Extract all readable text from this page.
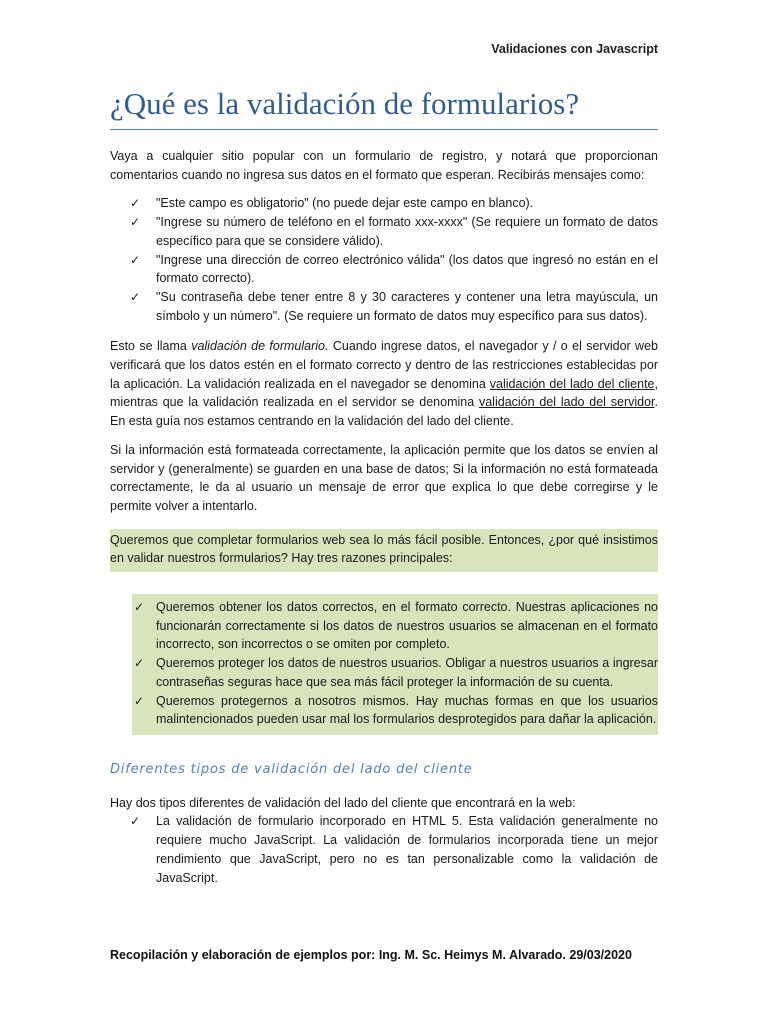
Validaciones con Javascript
¿Qué es la validación de formularios?

Vaya a cualquier sitio popular con un formulario de registro, y notará que proporcionan comentarios cuando no ingresa sus datos en el formato que esperan. Recibirás mensajes como:

✓ "Este campo es obligatorio" (no puede dejar este campo en blanco).
✓ "Ingrese su número de teléfono en el formato xxx-xxxx" (Se requiere un formato de datos específico para que se considere válido).
✓ "Ingrese una dirección de correo electrónico válida" (los datos que ingresó no están en el formato correcto).
✓ "Su contraseña debe tener entre 8 y 30 caracteres y contener una letra mayúscula, un símbolo y un número". (Se requiere un formato de datos muy específico para sus datos).

Esto se llama validación de formulario. Cuando ingrese datos, el navegador y / o el servidor web verificará que los datos estén en el formato correcto y dentro de las restricciones establecidas por la aplicación. La validación realizada en el navegador se denomina validación del lado del cliente, mientras que la validación realizada en el servidor se denomina validación del lado del servidor. En esta guía nos estamos centrando en la validación del lado del cliente.

Si la información está formateada correctamente, la aplicación permite que los datos se envíen al servidor y (generalmente) se guarden en una base de datos; Si la información no está formateada correctamente, le da al usuario un mensaje de error que explica lo que debe corregirse y le permite volver a intentarlo.

Queremos que completar formularios web sea lo más fácil posible. Entonces, ¿por qué insistimos en validar nuestros formularios? Hay tres razones principales:

✓ Queremos obtener los datos correctos, en el formato correcto. Nuestras aplicaciones no funcionarán correctamente si los datos de nuestros usuarios se almacenan en el formato incorrecto, son incorrectos o se omiten por completo.
✓ Queremos proteger los datos de nuestros usuarios. Obligar a nuestros usuarios a ingresar contraseñas seguras hace que sea más fácil proteger la información de su cuenta.
✓ Queremos protegernos a nosotros mismos. Hay muchas formas en que los usuarios malintencionados pueden usar mal los formularios desprotegidos para dañar la aplicación.

Diferentes tipos de validación del lado del cliente

Hay dos tipos diferentes de validación del lado del cliente que encontrará en la web:

✓ La validación de formulario incorporado en HTML 5. Esta validación generalmente no requiere mucho JavaScript. La validación de formularios incorporada tiene un mejor rendimiento que JavaScript, pero no es tan personalizable como la validación de JavaScript.
Recopilación y elaboración de ejemplos por: Ing. M. Sc. Heimys M. Alvarado. 29/03/2020
